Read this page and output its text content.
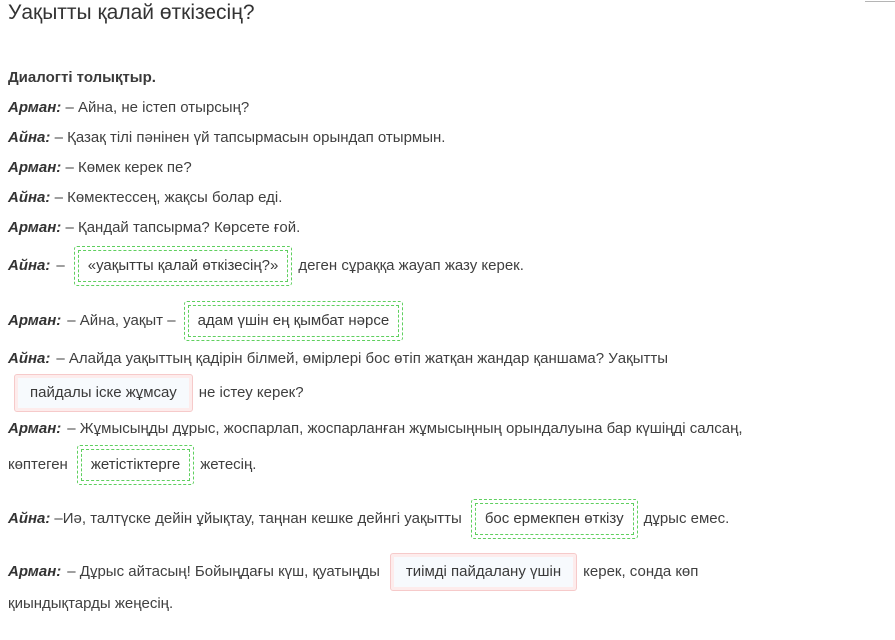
Уақытты қалай өткізесің?
Диалогті толықтыр.
Арман: – Айна, не істеп отырсың?
Айна: – Қазақ тілі пәнінен үй тапсырмасын орындап отырмын.
Арман: – Көмек керек пе?
Айна: – Көмектессең, жақсы болар еді.
Арман: – Қандай тапсырма? Көрсете ғой.
Айна: –	«уақытты қалай өткізесің?»	деген сұраққа жауап жазу керек.
Арман: – Айна, уақыт –	адам үшін ең қымбат нәрсе
Айна: – Алайда уақыттың қадірін білмей, өмірлері бос өтіп жатқан жандар қаншама? Уақытты
пайдалы іске жұмсау	не істеу керек?
Арман: – Жұмысыңды дұрыс, жоспарлап, жоспарланған жұмысыңның орындалуына бар күшіңді салсаң,
көптеген	жетістіктерге	жетесің.
Айна: –Иә, талтүске дейін ұйықтау, таңнан кешке дейнгі уақытты	бос ермекпен өткізу	дұрыс емес.
Арман: – Дұрыс айтасың! Бойыңдағы күш, қуатыңды	тиімді пайдалану үшін	керек, сонда көп
қиындықтарды жеңесің.
